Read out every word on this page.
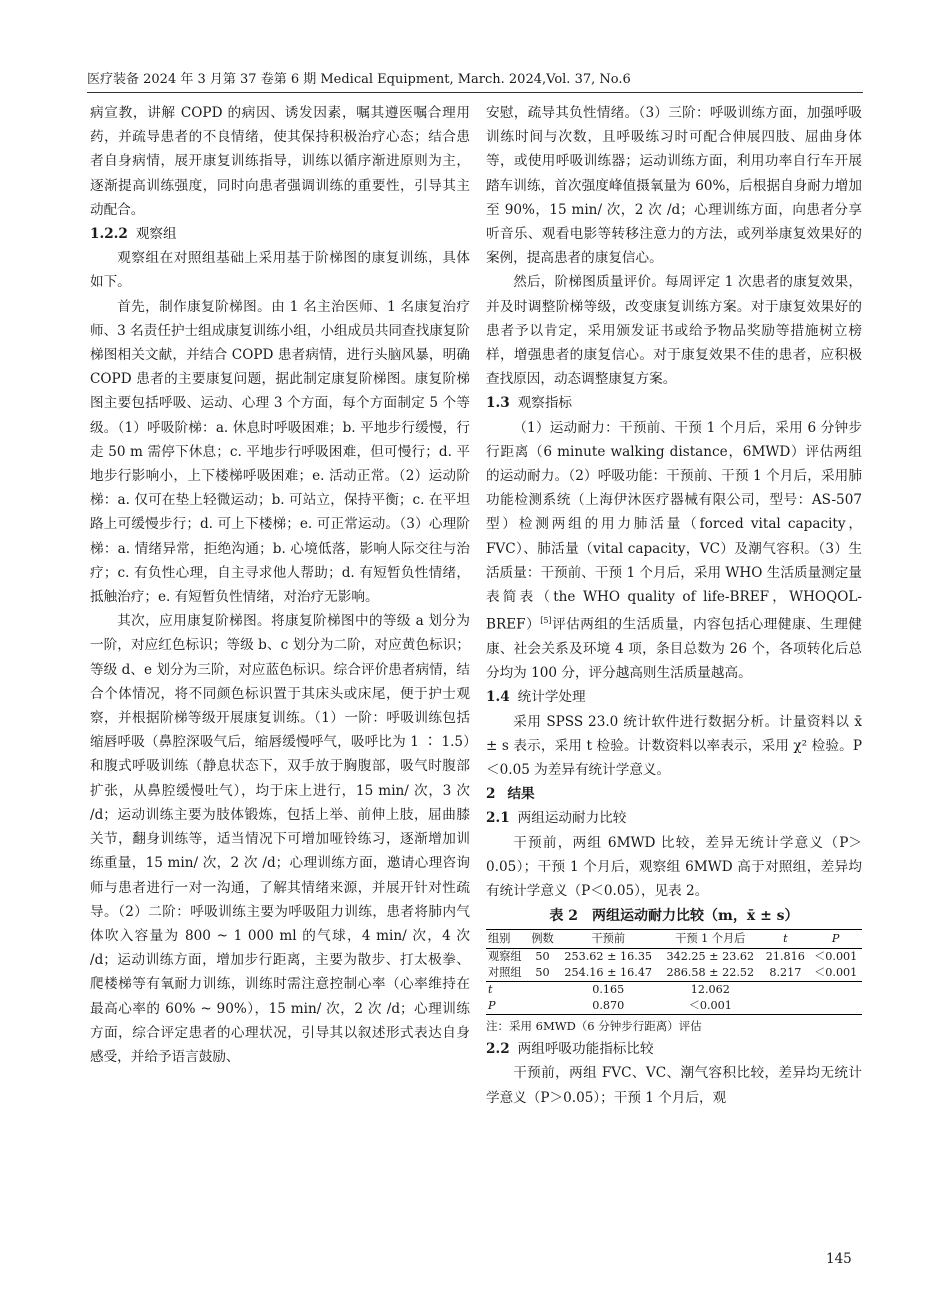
医疗装备 2024 年 3 月第 37 卷第 6 期 Medical Equipment, March. 2024,Vol. 37, No.6

病宣教，讲解 COPD 的病因、诱发因素，嘱其遵医嘱合理用药，并疏导患者的不良情绪，使其保持积极治疗心态；结合患者自身病情，展开康复训练指导，训练以循序渐进原则为主，逐渐提高训练强度，同时向患者强调训练的重要性，引导其主动配合。

1.2.2 观察组

观察组在对照组基础上采用基于阶梯图的康复训练，具体如下。

首先，制作康复阶梯图。由 1 名主治医师、1 名康复治疗师、3 名责任护士组成康复训练小组，小组成员共同查找康复阶梯图相关文献，并结合 COPD 患者病情，进行头脑风暴，明确 COPD 患者的主要康复问题，据此制定康复阶梯图。康复阶梯图主要包括呼吸、运动、心理 3 个方面，每个方面制定 5 个等级。（1）呼吸阶梯：a. 休息时呼吸困难；b. 平地步行缓慢，行走 50 m 需停下休息；c. 平地步行呼吸困难，但可慢行；d. 平地步行影响小，上下楼梯呼吸困难；e. 活动正常。（2）运动阶梯：a. 仅可在垫上轻微运动；b. 可站立，保持平衡；c. 在平坦路上可缓慢步行；d. 可上下楼梯；e. 可正常运动。（3）心理阶梯：a. 情绪异常，拒绝沟通；b. 心境低落，影响人际交往与治疗；c. 有负性心理，自主寻求他人帮助；d. 有短暂负性情绪，抵触治疗；e. 有短暂负性情绪，对治疗无影响。

其次，应用康复阶梯图。将康复阶梯图中的等级 a 划分为一阶，对应红色标识；等级 b、c 划分为二阶，对应黄色标识；等级 d、e 划分为三阶，对应蓝色标识。综合评价患者病情，结合个体情况，将不同颜色标识置于其床头或床尾，便于护士观察，并根据阶梯等级开展康复训练。（1）一阶：呼吸训练包括缩唇呼吸（鼻腔深吸气后，缩唇缓慢呼气，吸呼比为 1 ∶ 1.5）和腹式呼吸训练（静息状态下，双手放于胸腹部，吸气时腹部扩张，从鼻腔缓慢吐气），均于床上进行，15 min/ 次，3 次 /d；运动训练主要为肢体锻炼，包括上举、前伸上肢，屈曲膝关节，翻身训练等，适当情况下可增加哑铃练习，逐渐增加训练重量，15 min/ 次，2 次 /d；心理训练方面，邀请心理咨询师与患者进行一对一沟通，了解其情绪来源，并展开针对性疏导。（2）二阶：呼吸训练主要为呼吸阻力训练，患者将肺内气体吹入容量为 800 ~ 1 000 ml 的气球，4 min/ 次，4 次 /d；运动训练方面，增加步行距离，主要为散步、打太极拳、爬楼梯等有氧耐力训练，训练时需注意控制心率（心率维持在最高心率的 60% ~ 90%），15 min/ 次，2 次 /d；心理训练方面，综合评定患者的心理状况，引导其以叙述形式表达自身感受，并给予语言鼓励、

安慰，疏导其负性情绪。（3）三阶：呼吸训练方面，加强呼吸训练时间与次数，且呼吸练习时可配合伸展四肢、屈曲身体等，或使用呼吸训练器；运动训练方面，利用功率自行车开展踏车训练，首次强度峰值摄氧量为 60%，后根据自身耐力增加至 90%，15 min/ 次，2 次 /d；心理训练方面，向患者分享听音乐、观看电影等转移注意力的方法，或列举康复效果好的案例，提高患者的康复信心。

然后，阶梯图质量评价。每周评定 1 次患者的康复效果，并及时调整阶梯等级，改变康复训练方案。对于康复效果好的患者予以肯定，采用颁发证书或给予物品奖励等措施树立榜样，增强患者的康复信心。对于康复效果不佳的患者，应积极查找原因，动态调整康复方案。

1.3 观察指标

（1）运动耐力：干预前、干预 1 个月后，采用 6 分钟步行距离（6 minute walking distance，6MWD）评估两组的运动耐力。（2）呼吸功能：干预前、干预 1 个月后，采用肺功能检测系统（上海伊沐医疗器械有限公司，型号：AS-507 型）检测两组的用力肺活量（forced vital capacity，FVC）、肺活量（vital capacity，VC）及潮气容积。（3）生活质量：干预前、干预 1 个月后，采用 WHO 生活质量测定量表简表（the WHO quality of life-BREF，WHOQOL-BREF）[5]评估两组的生活质量，内容包括心理健康、生理健康、社会关系及环境 4 项，条目总数为 26 个，各项转化后总分均为 100 分，评分越高则生活质量越高。

1.4 统计学处理

采用 SPSS 23.0 统计软件进行数据分析。计量资料以 x̄ ± s 表示，采用 t 检验。计数资料以率表示，采用 χ² 检验。P＜0.05 为差异有统计学意义。

2 结果

2.1 两组运动耐力比较

干预前，两组 6MWD 比较，差异无统计学意义（P＞0.05）；干预 1 个月后，观察组 6MWD 高于对照组，差异均有统计学意义（P＜0.05），见表 2。

表 2　两组运动耐力比较（m，x̄ ± s）
组别	例数	干预前	干预 1 个月后	t	P
观察组	50	253.62 ± 16.35	342.25 ± 23.62	21.816	＜0.001
对照组	50	254.16 ± 16.47	286.58 ± 22.52	8.217	＜0.001
t		0.165	12.062		
P		0.870	＜0.001		
注：采用 6MWD（6 分钟步行距离）评估

2.2 两组呼吸功能指标比较

干预前，两组 FVC、VC、潮气容积比较，差异均无统计学意义（P＞0.05）；干预 1 个月后，观

145
